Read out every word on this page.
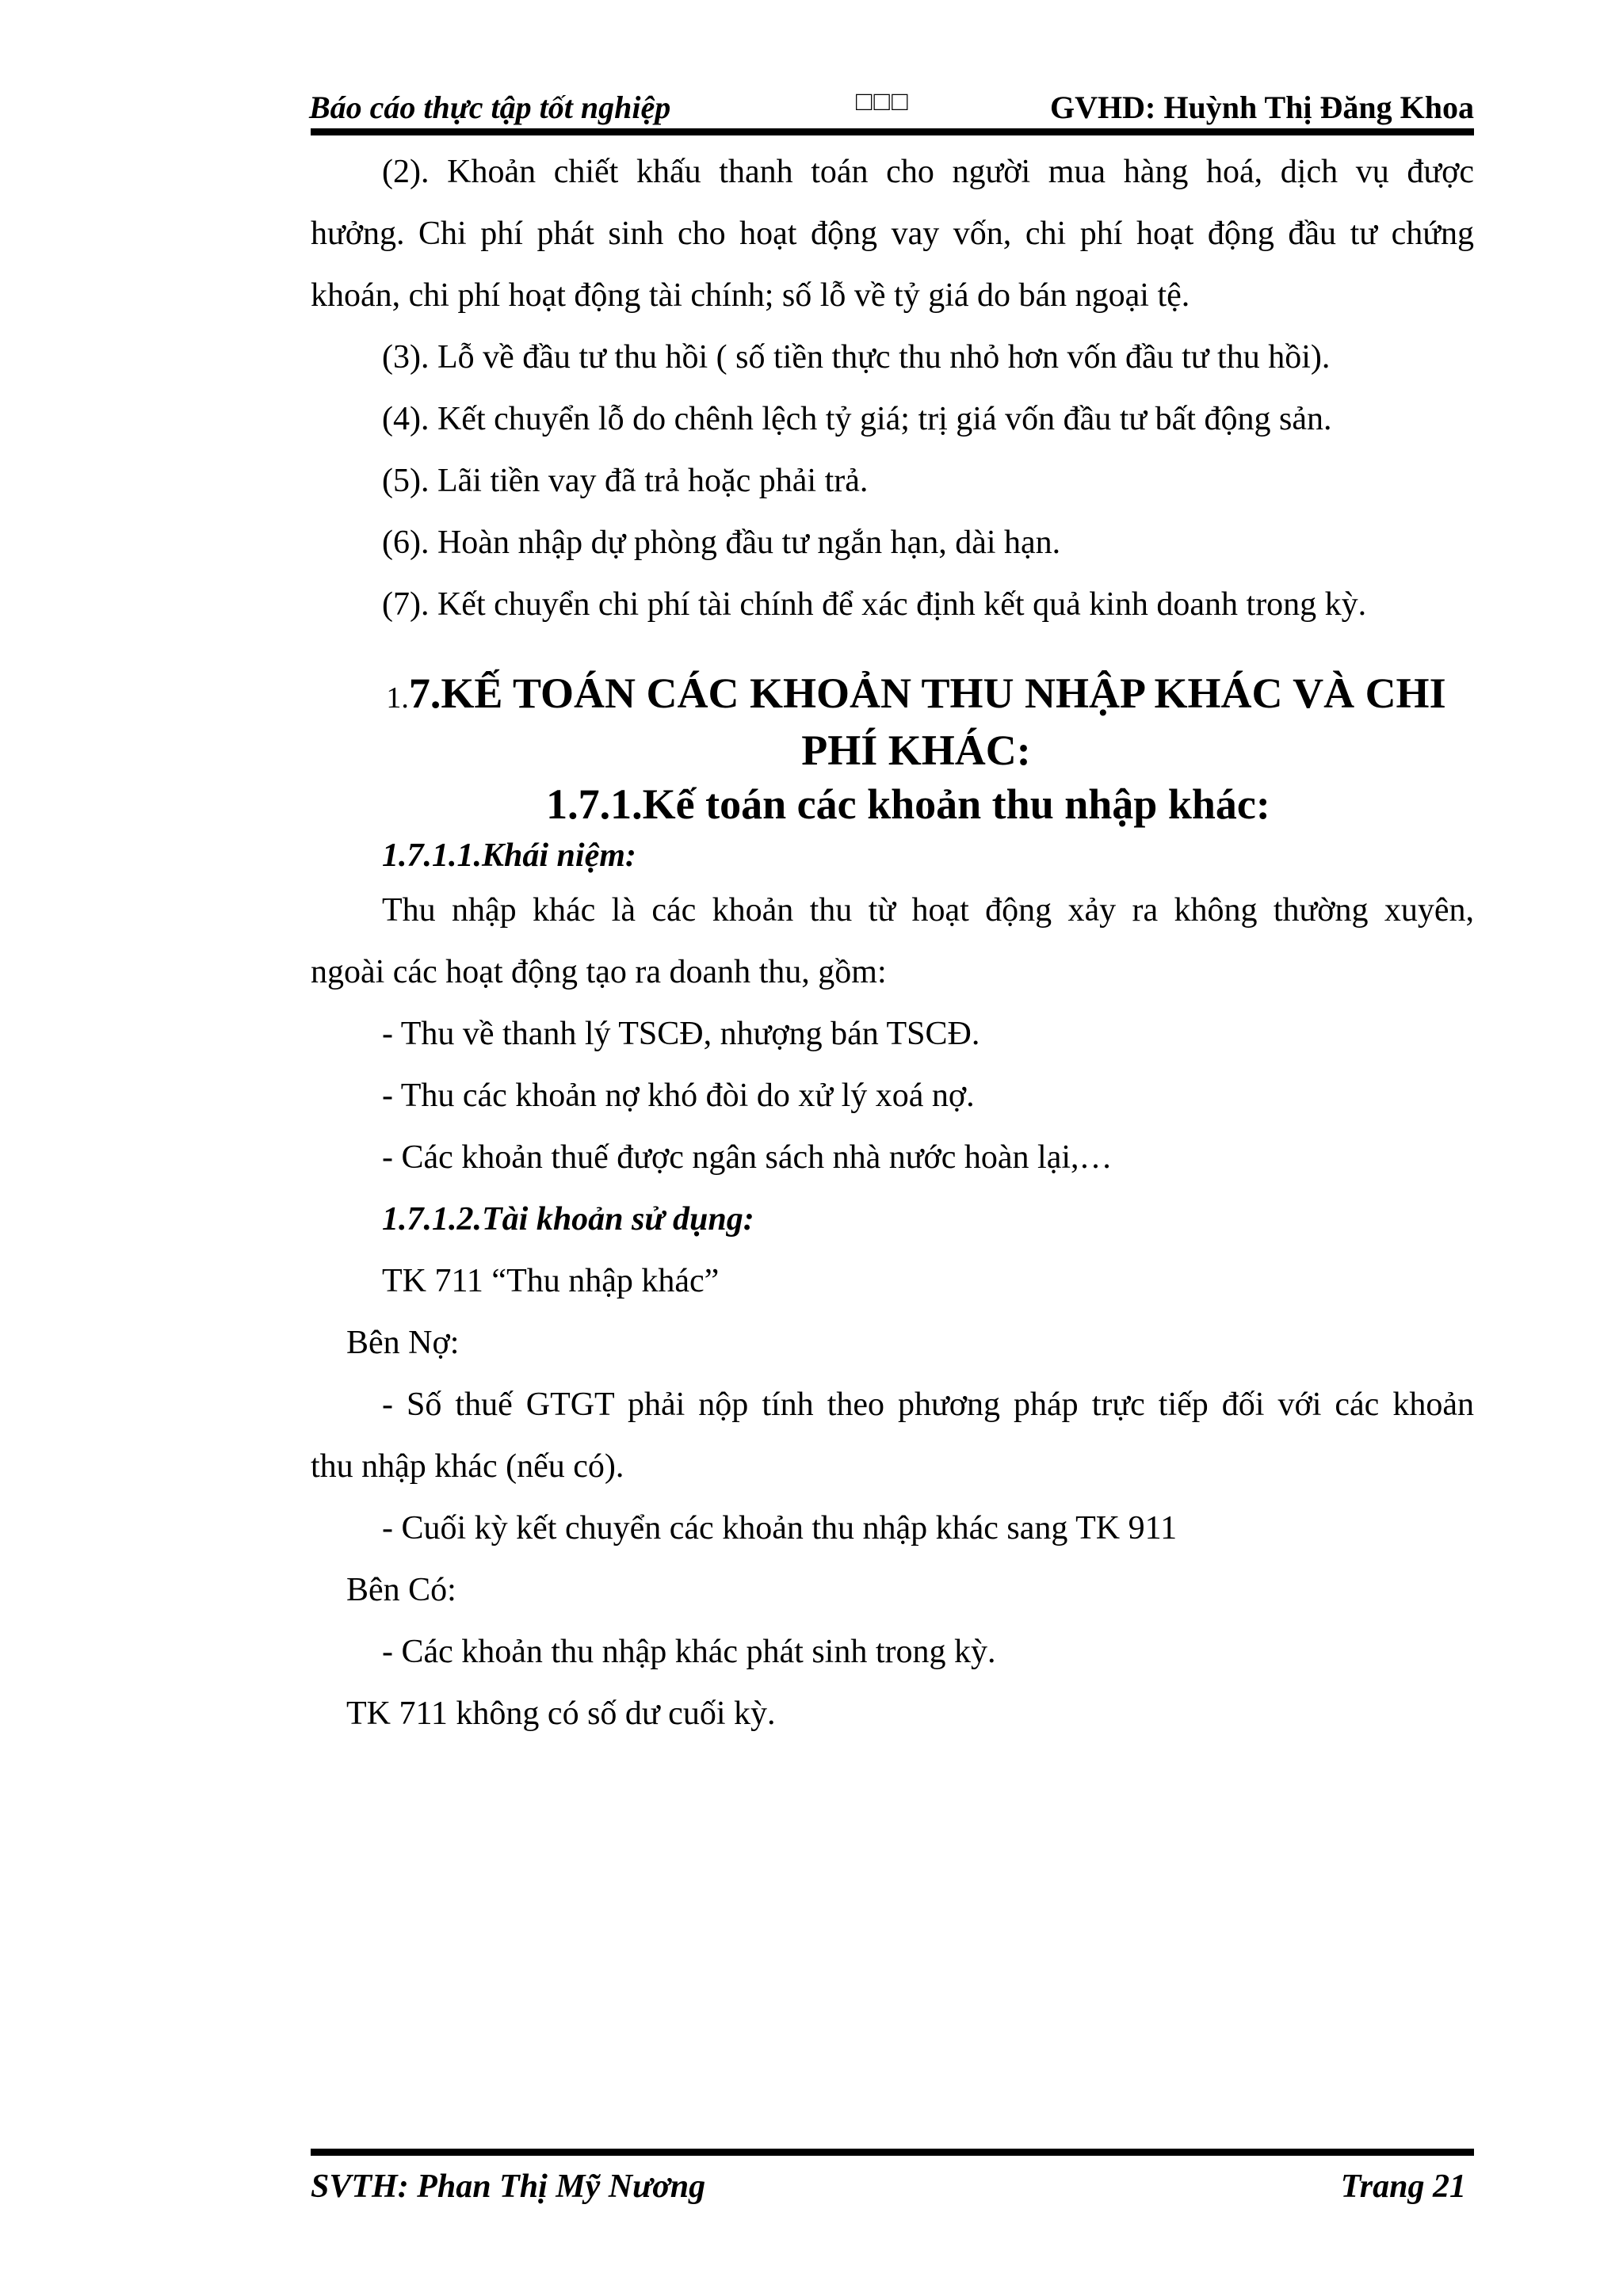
Báo cáo thực tập tốt nghiệp	□□□	GVHD: Huỳnh Thị Đăng Khoa

(2). Khoản chiết khấu thanh toán cho người mua hàng hoá, dịch vụ được

hưởng. Chi phí phát sinh cho hoạt động vay vốn, chi phí hoạt động đầu tư chứng

khoán, chi phí hoạt động tài chính; số lỗ về tỷ giá do bán ngoại tệ.

(3). Lỗ về đầu tư thu hồi ( số tiền thực thu nhỏ hơn vốn đầu tư thu hồi).

(4). Kết chuyển lỗ do chênh lệch tỷ giá; trị giá vốn đầu tư bất động sản.

(5). Lãi tiền vay đã trả hoặc phải trả.

(6). Hoàn nhập dự phòng đầu tư ngắn hạn, dài hạn.

(7). Kết chuyển chi phí tài chính để xác định kết quả kinh doanh trong kỳ.

1.7.KẾ TOÁN CÁC KHOẢN THU NHẬP KHÁC VÀ CHI
PHÍ KHÁC:
1.7.1.Kế toán các khoản thu nhập khác:
1.7.1.1.Khái niệm:

Thu nhập khác là các khoản thu từ hoạt động xảy ra không thường xuyên,

ngoài các hoạt động tạo ra doanh thu, gồm:

- Thu về thanh lý TSCĐ, nhượng bán TSCĐ.

- Thu các khoản nợ khó đòi do xử lý xoá nợ.

- Các khoản thuế được ngân sách nhà nước hoàn lại,…

1.7.1.2.Tài khoản sử dụng:

TK 711 “Thu nhập khác”

Bên Nợ:

- Số thuế GTGT phải nộp tính theo phương pháp trực tiếp đối với các khoản

thu nhập khác (nếu có).

- Cuối kỳ kết chuyển các khoản thu nhập khác sang TK 911

Bên Có:

- Các khoản thu nhập khác phát sinh trong kỳ.

TK 711 không có số dư cuối kỳ.

SVTH: Phan Thị Mỹ Nương	Trang 21
